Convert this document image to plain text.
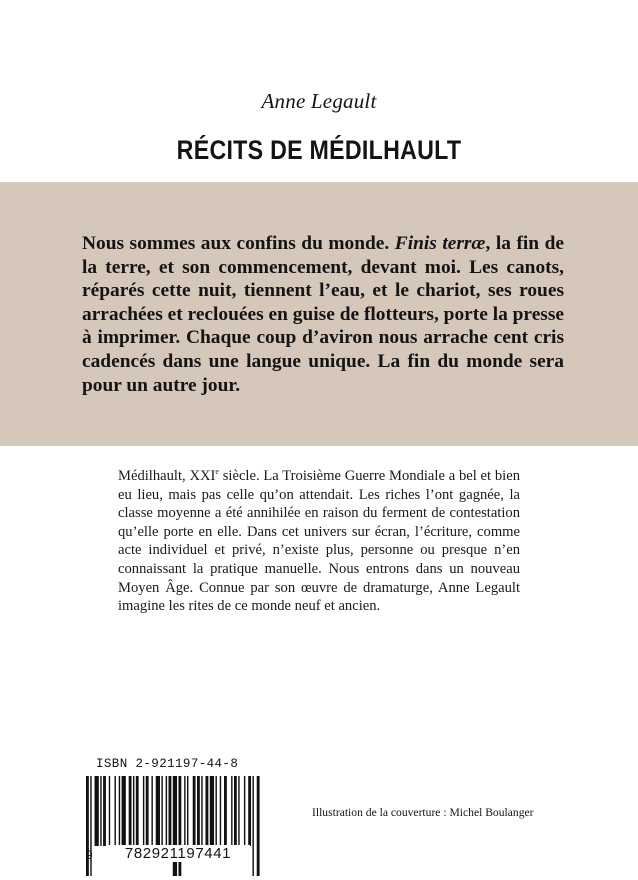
Anne Legault
RÉCITS DE MÉDILHAULT
Nous sommes aux confins du monde. Finis terræ, la fin de la terre, et son commencement, devant moi. Les canots, réparés cette nuit, tiennent l’eau, et le chariot, ses roues arrachées et reclouées en guise de flotteurs, porte la presse à imprimer. Chaque coup d’aviron nous arrache cent cris cadencés dans une langue unique. La fin du monde sera pour un autre jour.
Médilhault, XXIe siècle. La Troisième Guerre Mondiale a bel et bien eu lieu, mais pas celle qu’on attendait. Les riches l’ont gagnée, la classe moyenne a été annihilée en raison du ferment de contestation qu’elle porte en elle. Dans cet univers sur écran, l’écriture, comme acte individuel et privé, n’existe plus, personne ou presque n’en connaissant la pratique manuelle. Nous entrons dans un nouveau Moyen Âge. Connue par son œuvre de dramaturge, Anne Legault imagine les rites de ce monde neuf et ancien.
ISBN 2-921197-44-8
9	782921197441
Illustration de la couverture : Michel Boulanger
